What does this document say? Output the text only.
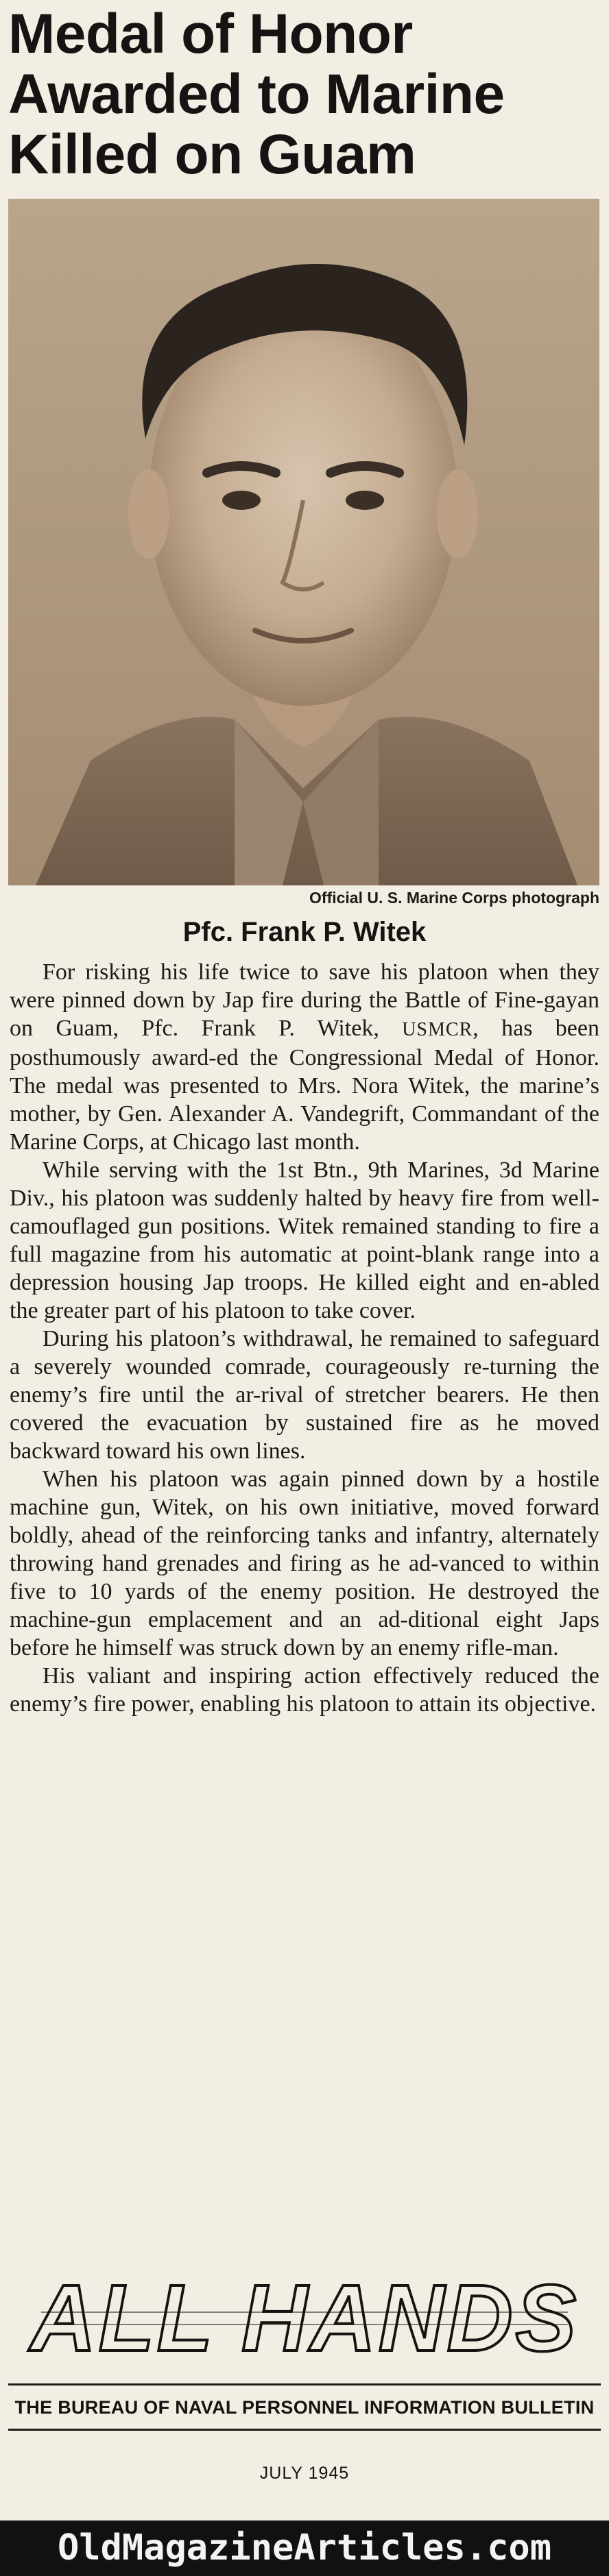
Medal of Honor
Awarded to Marine
Killed on Guam
Official U. S. Marine Corps photograph
Pfc. Frank P. Witek

For risking his life twice to save his platoon when they were pinned down by Jap fire during the Battle of Fine-gayan on Guam, Pfc. Frank P. Witek, USMCR, has been posthumously award-ed the Congressional Medal of Honor. The medal was presented to Mrs. Nora Witek, the marine’s mother, by Gen. Alexander A. Vandegrift, Commandant of the Marine Corps, at Chicago last month.

While serving with the 1st Btn., 9th Marines, 3d Marine Div., his platoon was suddenly halted by heavy fire from well-camouflaged gun positions. Witek remained standing to fire a full magazine from his automatic at point-blank range into a depression housing Jap troops. He killed eight and en-abled the greater part of his platoon to take cover.

During his platoon’s withdrawal, he remained to safeguard a severely wounded comrade, courageously re-turning the enemy’s fire until the ar-rival of stretcher bearers. He then covered the evacuation by sustained fire as he moved backward toward his own lines.

When his platoon was again pinned down by a hostile machine gun, Witek, on his own initiative, moved forward boldly, ahead of the reinforcing tanks and infantry, alternately throwing hand grenades and firing as he ad-vanced to within five to 10 yards of the enemy position. He destroyed the machine-gun emplacement and an ad-ditional eight Japs before he himself was struck down by an enemy rifle-man.

His valiant and inspiring action effectively reduced the enemy’s fire power, enabling his platoon to attain its objective.

ALL HANDS
THE BUREAU OF NAVAL PERSONNEL INFORMATION BULLETIN
JULY 1945
OldMagazineArticles.com
